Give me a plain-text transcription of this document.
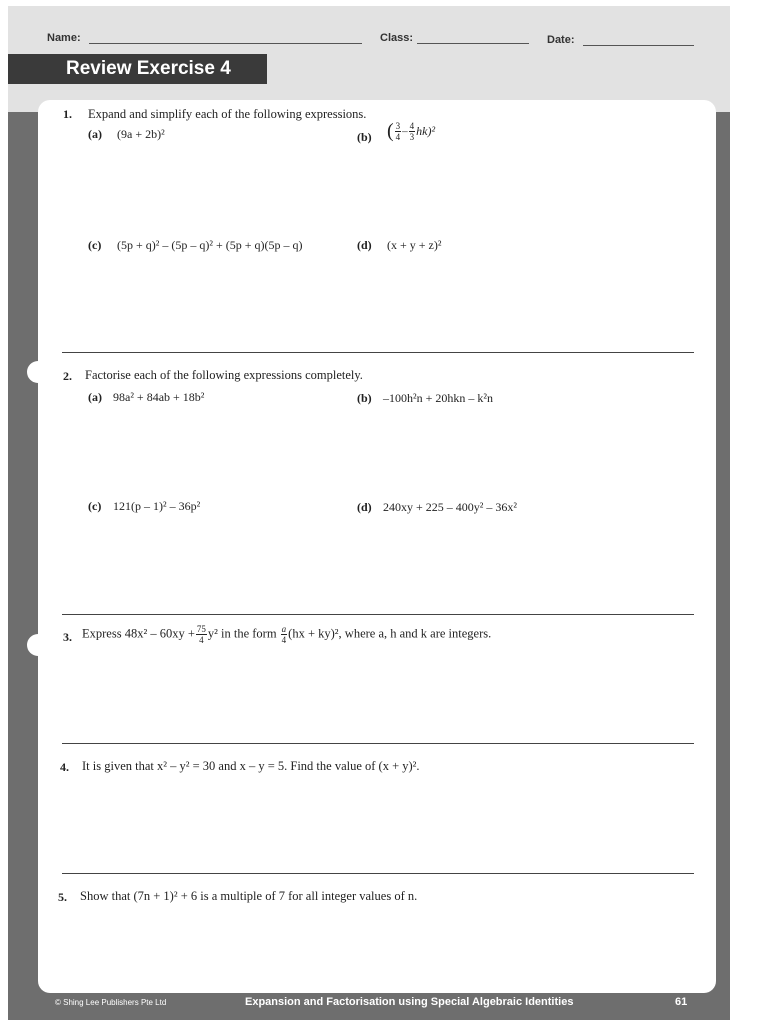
Name:	Class:	Date:
Review Exercise 4
1. Expand and simplify each of the following expressions.
(a) (9a + 2b)²	(b) ( $\frac{3}{4} - \frac{4}{3} hk)^2$
(c) (5p + q)² – (5p – q)² + (5p + q)(5p – q)	(d) (x + y + z)²
2. Factorise each of the following expressions completely.
(a) 98a² + 84ab + 18b²	(b) –100h²n + 20hkn – k²n
(c) 121(p – 1)² – 36p²	(d) 240xy + 225 – 400y² – 36x²
3. Express $48x^2 - 60xy + \frac{75}{4} y^2$ in the form $\frac{a}{4} (hx + ky)^2$, where a, h and k are integers.
4. It is given that x² – y² = 30 and x – y = 5. Find the value of (x + y)².
5. Show that (7n + 1)² + 6 is a multiple of 7 for all integer values of n.
© Shing Lee Publishers Pte Ltd	Expansion and Factorisation using Special Algebraic Identities	61
